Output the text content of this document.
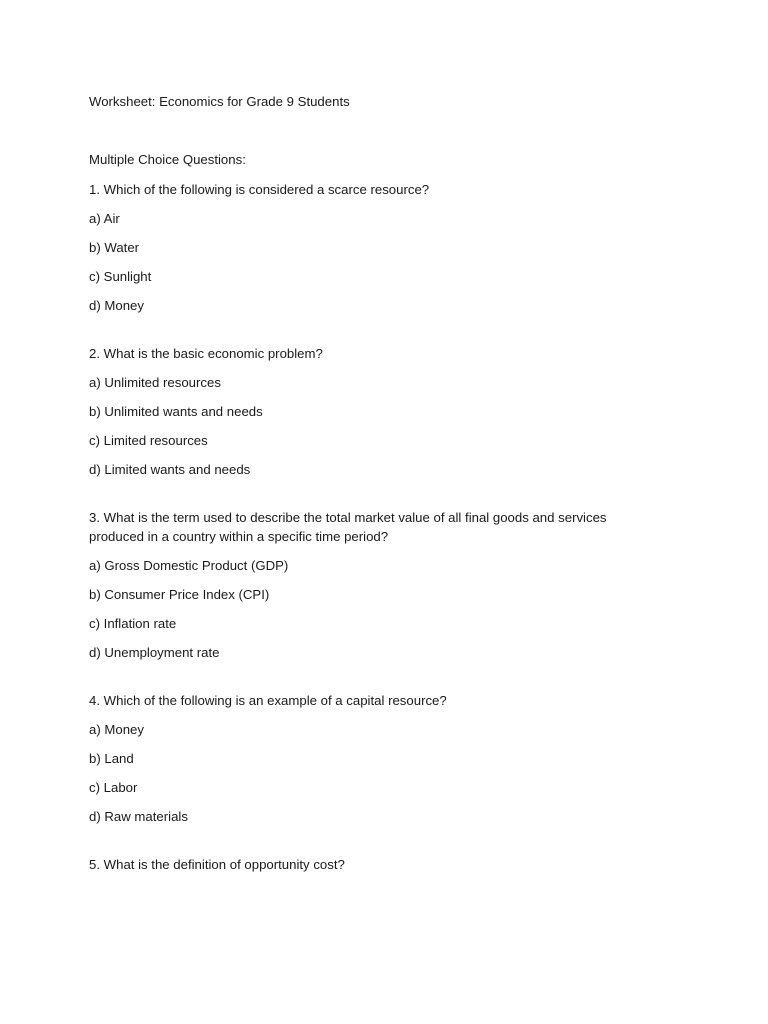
Worksheet: Economics for Grade 9 Students

Multiple Choice Questions:

1. Which of the following is considered a scarce resource?

a) Air

b) Water

c) Sunlight

d) Money

2. What is the basic economic problem?

a) Unlimited resources

b) Unlimited wants and needs

c) Limited resources

d) Limited wants and needs

3. What is the term used to describe the total market value of all final goods and services produced in a country within a specific time period?

a) Gross Domestic Product (GDP)

b) Consumer Price Index (CPI)

c) Inflation rate

d) Unemployment rate

4. Which of the following is an example of a capital resource?

a) Money

b) Land

c) Labor

d) Raw materials

5. What is the definition of opportunity cost?
